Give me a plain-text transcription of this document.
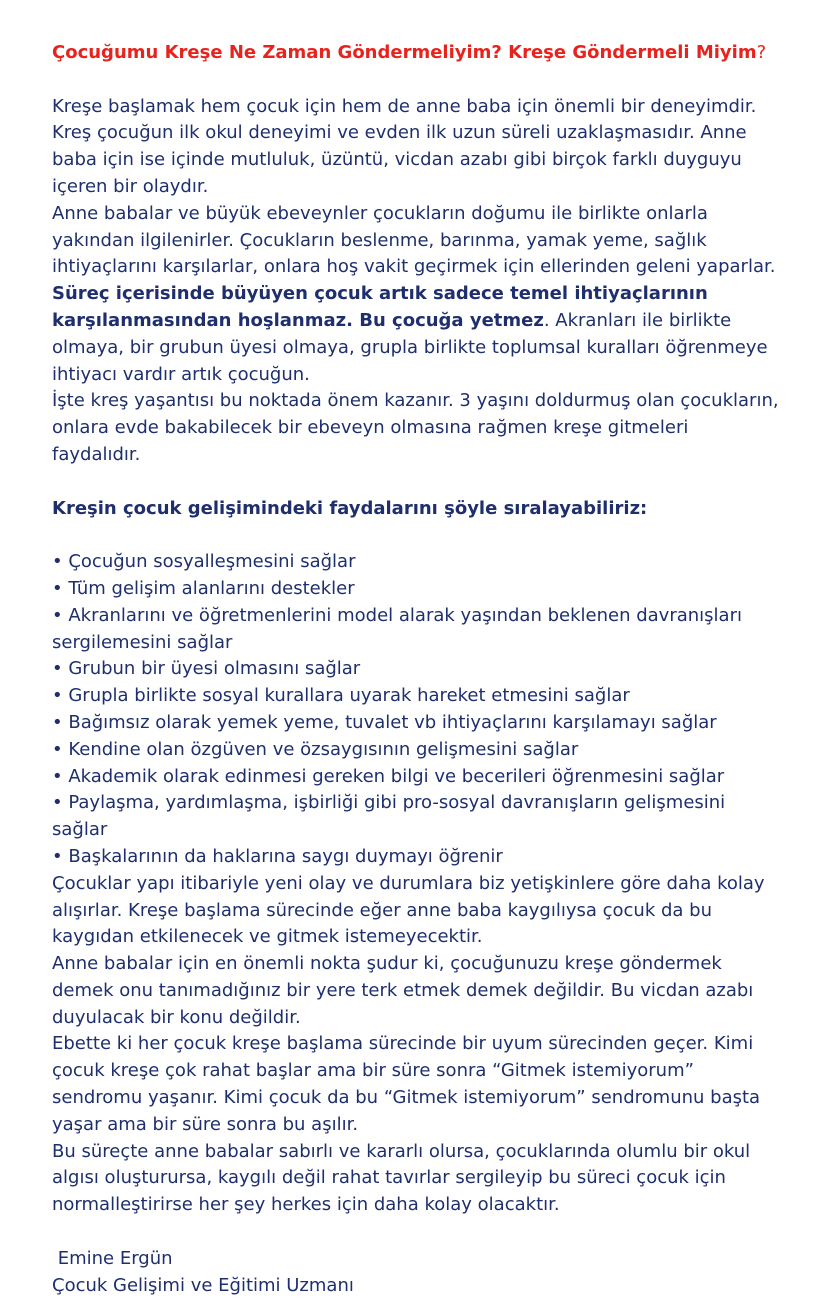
Çocuğumu Kreşe Ne Zaman Göndermeliyim? Kreşe Göndermeli Miyim?

Kreşe başlamak hem çocuk için hem de anne baba için önemli bir deneyimdir. Kreş çocuğun ilk okul deneyimi ve evden ilk uzun süreli uzaklaşmasıdır. Anne baba için ise içinde mutluluk, üzüntü, vicdan azabı gibi birçok farklı duyguyu içeren bir olaydır.

Anne babalar ve büyük ebeveynler çocukların doğumu ile birlikte onlarla yakından ilgilenirler. Çocukların beslenme, barınma, yamak yeme, sağlık ihtiyaçlarını karşılarlar, onlara hoş vakit geçirmek için ellerinden geleni yaparlar.

Süreç içerisinde büyüyen çocuk artık sadece temel ihtiyaçlarının karşılanmasından hoşlanmaz. Bu çocuğa yetmez. Akranları ile birlikte olmaya, bir grubun üyesi olmaya, grupla birlikte toplumsal kuralları öğrenmeye ihtiyacı vardır artık çocuğun.

İşte kreş yaşantısı bu noktada önem kazanır. 3 yaşını doldurmuş olan çocukların, onlara evde bakabilecek bir ebeveyn olmasına rağmen kreşe gitmeleri faydalıdır.

Kreşin çocuk gelişimindeki faydalarını şöyle sıralayabiliriz:

• Çocuğun sosyalleşmesini sağlar
• Tüm gelişim alanlarını destekler
• Akranlarını ve öğretmenlerini model alarak yaşından beklenen davranışları sergilemesini sağlar
• Grubun bir üyesi olmasını sağlar
• Grupla birlikte sosyal kurallara uyarak hareket etmesini sağlar
• Bağımsız olarak yemek yeme, tuvalet vb ihtiyaçlarını karşılamayı sağlar
• Kendine olan özgüven ve özsaygısının gelişmesini sağlar
• Akademik olarak edinmesi gereken bilgi ve becerileri öğrenmesini sağlar
• Paylaşma, yardımlaşma, işbirliği gibi pro-sosyal davranışların gelişmesini sağlar
• Başkalarının da haklarına saygı duymayı öğrenir

Çocuklar yapı itibariyle yeni olay ve durumlara biz yetişkinlere göre daha kolay alışırlar. Kreşe başlama sürecinde eğer anne baba kaygılıysa çocuk da bu kaygıdan etkilenecek ve gitmek istemeyecektir.

Anne babalar için en önemli nokta şudur ki, çocuğunuzu kreşe göndermek demek onu tanımadığınız bir yere terk etmek demek değildir. Bu vicdan azabı duyulacak bir konu değildir.

Ebette ki her çocuk kreşe başlama sürecinde bir uyum sürecinden geçer. Kimi çocuk kreşe çok rahat başlar ama bir süre sonra “Gitmek istemiyorum” sendromu yaşanır. Kimi çocuk da bu “Gitmek istemiyorum” sendromunu başta yaşar ama bir süre sonra bu aşılır.

Bu süreçte anne babalar sabırlı ve kararlı olursa, çocuklarında olumlu bir okul algısı oluşturursa, kaygılı değil rahat tavırlar sergileyip bu süreci çocuk için normalleştirirse her şey herkes için daha kolay olacaktır.

Emine Ergün

Çocuk Gelişimi ve Eğitimi Uzmanı
